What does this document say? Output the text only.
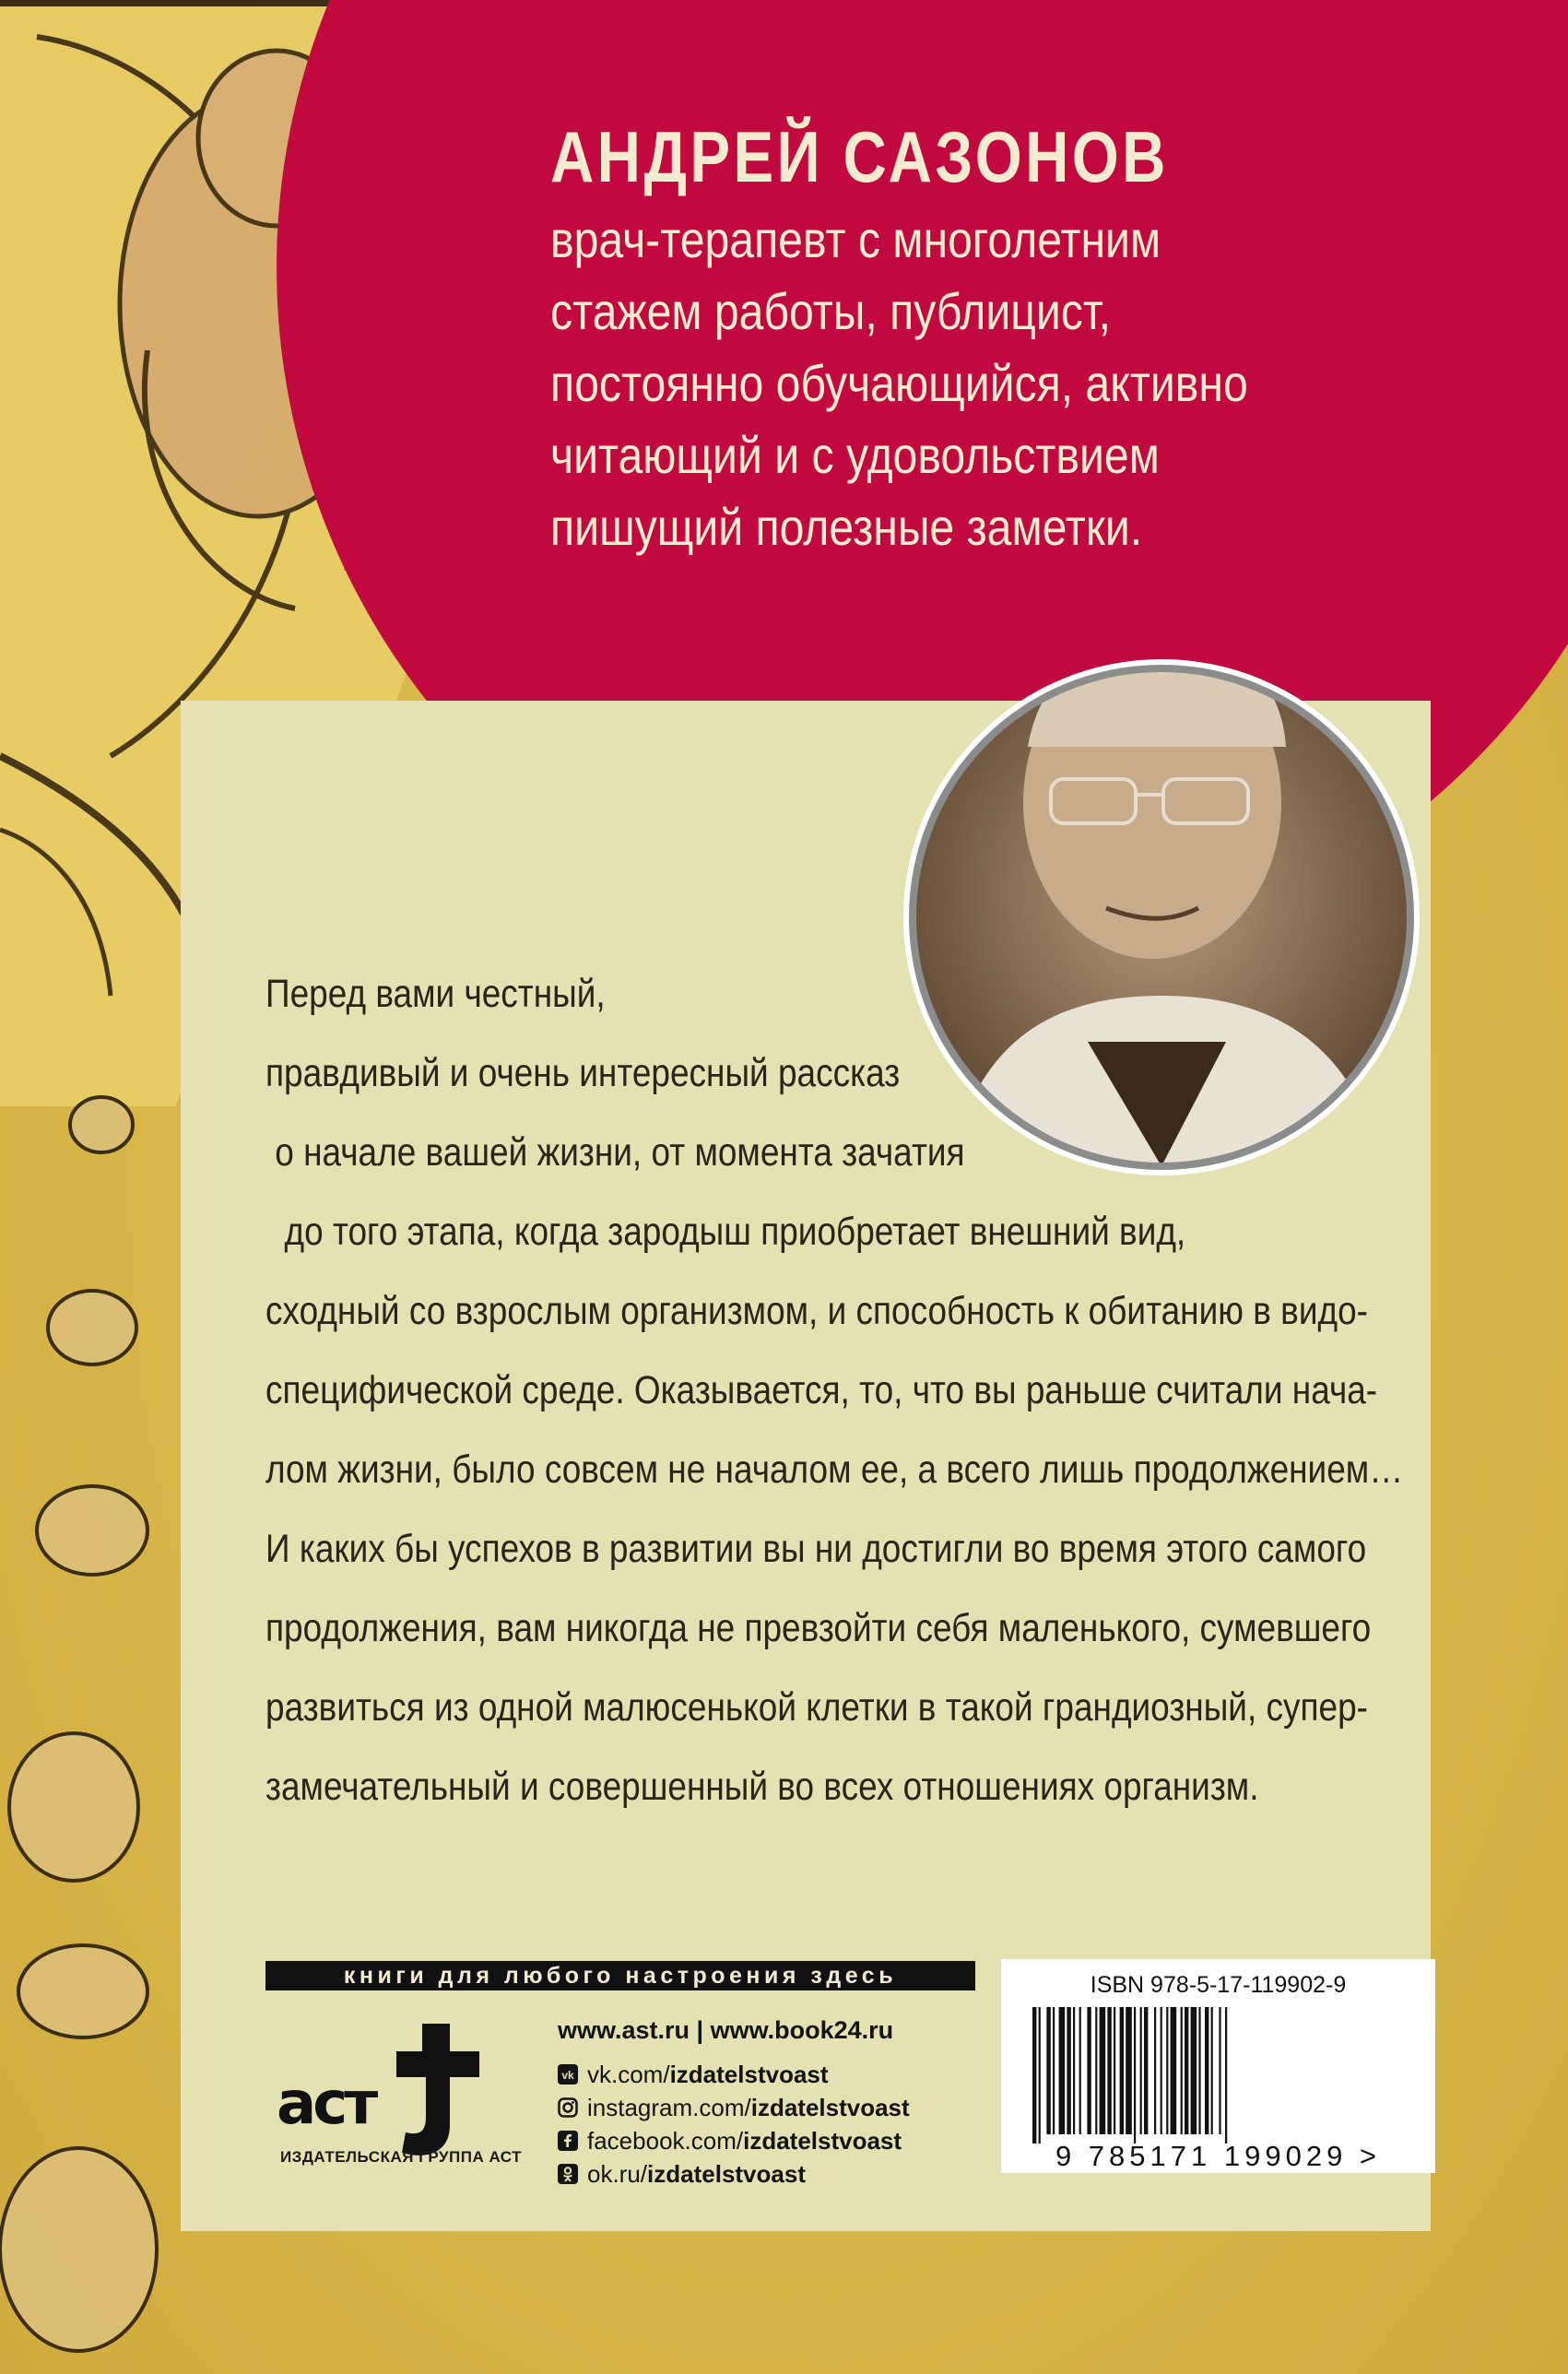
АНДРЕЙ САЗОНОВ
врач-терапевт с многолетним
стажем работы, публицист,
постоянно обучающийся, активно
читающий и с удовольствием
пишущий полезные заметки.
Перед вами честный,
правдивый и очень интересный рассказ
о начале вашей жизни, от момента зачатия
до того этапа, когда зародыш приобретает внешний вид,
сходный со взрослым организмом, и способность к обитанию в видо-
специфической среде. Оказывается, то, что вы раньше считали нача-
лом жизни, было совсем не началом ее, а всего лишь продолжением…
И каких бы успехов в развитии вы ни достигли во время этого самого
продолжения, вам никогда не превзойти себя маленького, сумевшего
развиться из одной малюсенькой клетки в такой грандиозный, супер-
замечательный и совершенный во всех отношениях организм.
книги для любого настроения здесь
аст
ИЗДАТЕЛЬСКАЯ ГРУППА АСТ
www.ast.ru | www.book24.ru
vk vk.com/ izdatelstvoast
instagram.com/ izdatelstvoast
facebook.com/ izdatelstvoast
ok.ru/ izdatelstvoast
ISBN 978-5-17-119902-9
9 785171 199029 >
